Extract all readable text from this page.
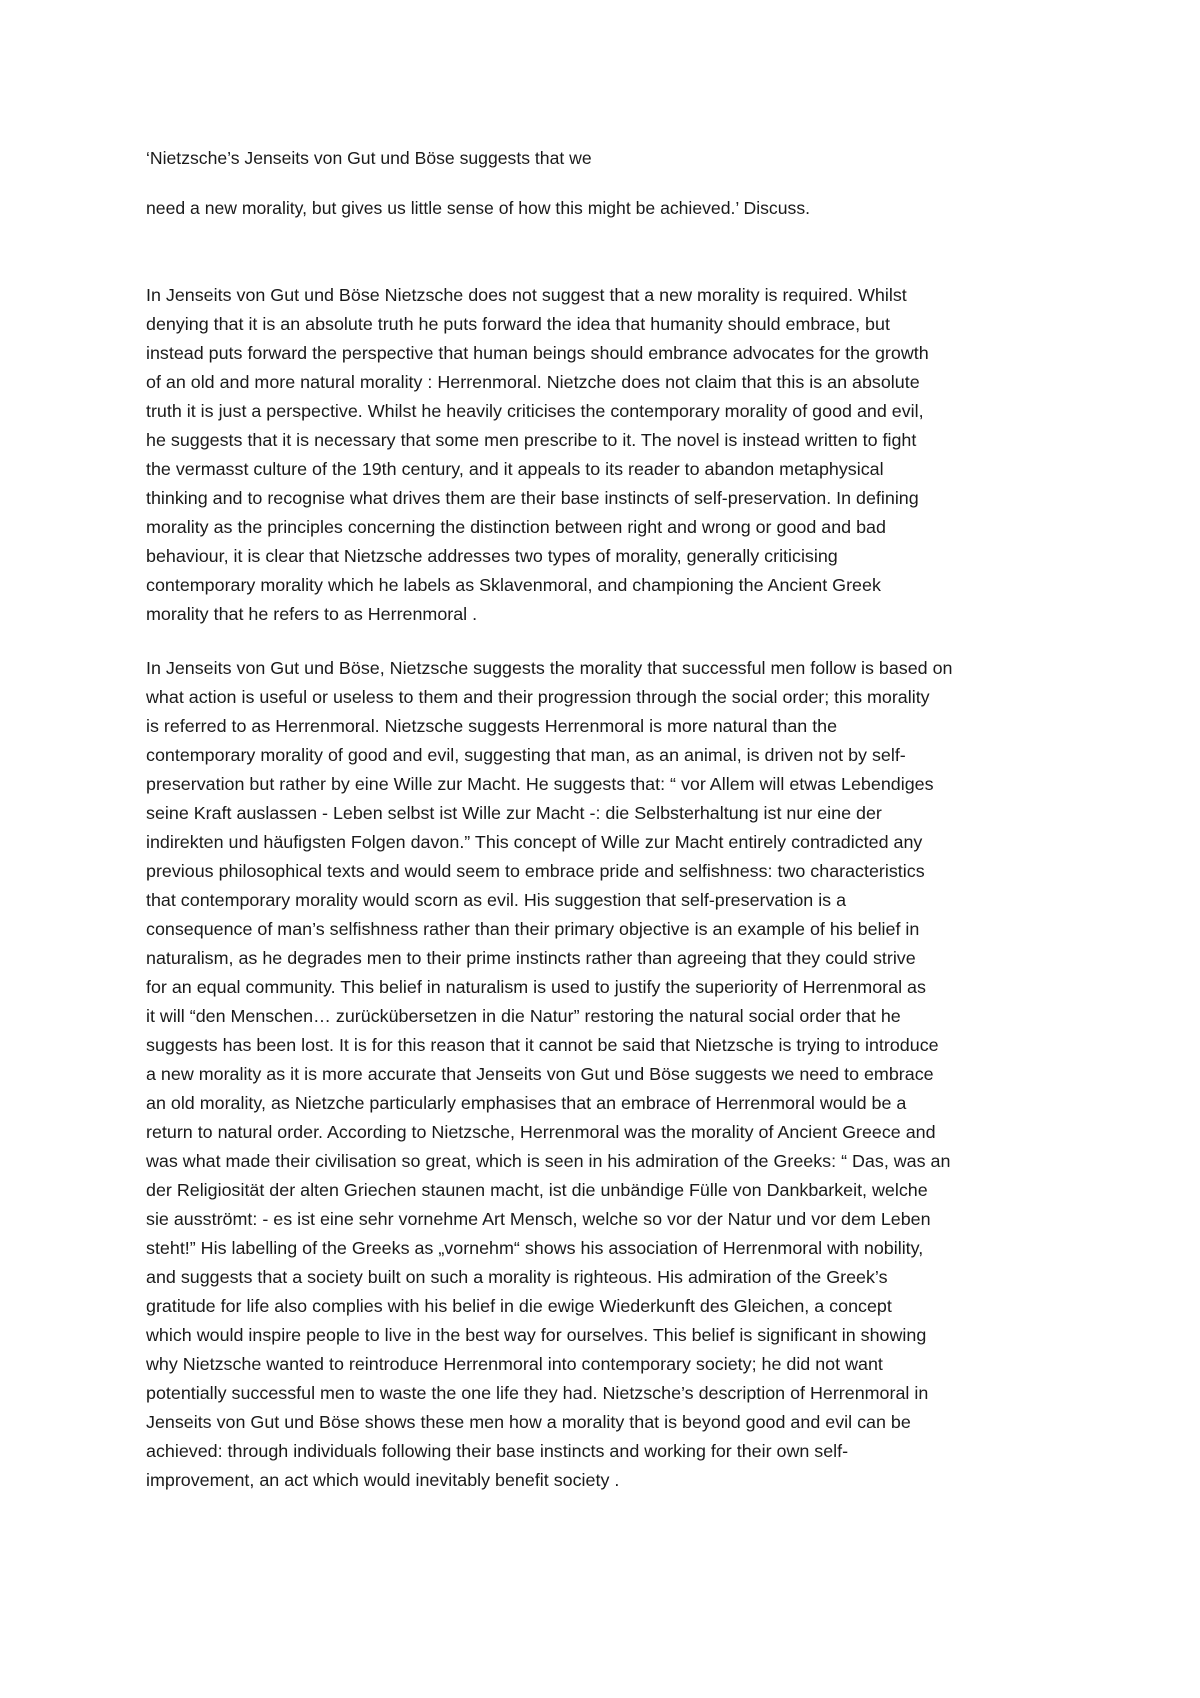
‘Nietzsche’s Jenseits von Gut und Böse suggests that we

need a new morality, but gives us little sense of how this might be achieved.’ Discuss.

In Jenseits von Gut und Böse Nietzsche does not suggest that a new morality is required. Whilst

denying that it is an absolute truth he puts forward the idea that humanity should embrace, but

instead puts forward the perspective that human beings should embrance advocates for the growth

of an old and more natural morality : Herrenmoral. Nietzche does not claim that this is an absolute

truth it is just a perspective. Whilst he heavily criticises the contemporary morality of good and evil,

he suggests that it is necessary that some men prescribe to it. The novel is instead written to fight

the vermasst culture of the 19th century, and it appeals to its reader to abandon metaphysical

thinking and to recognise what drives them are their base instincts of self-preservation. In defining

morality as the principles concerning the distinction between right and wrong or good and bad

behaviour, it is clear that Nietzsche addresses two types of morality, generally criticising

contemporary morality which he labels as Sklavenmoral, and championing the Ancient Greek

morality that he refers to as Herrenmoral .

In Jenseits von Gut und Böse, Nietzsche suggests the morality that successful men follow is based on

what action is useful or useless to them and their progression through the social order; this morality

is referred to as Herrenmoral. Nietzsche suggests Herrenmoral is more natural than the

contemporary morality of good and evil, suggesting that man, as an animal, is driven not by self-

preservation but rather by eine Wille zur Macht. He suggests that: “ vor Allem will etwas Lebendiges

seine Kraft auslassen - Leben selbst ist Wille zur Macht -: die Selbsterhaltung ist nur eine der

indirekten und häufigsten Folgen davon.” This concept of Wille zur Macht entirely contradicted any

previous philosophical texts and would seem to embrace pride and selfishness: two characteristics

that contemporary morality would scorn as evil. His suggestion that self-preservation is a

consequence of man’s selfishness rather than their primary objective is an example of his belief in

naturalism, as he degrades men to their prime instincts rather than agreeing that they could strive

for an equal community. This belief in naturalism is used to justify the superiority of Herrenmoral as

it will “den Menschen… zurückübersetzen in die Natur” restoring the natural social order that he

suggests has been lost. It is for this reason that it cannot be said that Nietzsche is trying to introduce

a new morality as it is more accurate that Jenseits von Gut und Böse suggests we need to embrace

an old morality, as Nietzche particularly emphasises that an embrace of Herrenmoral would be a

return to natural order. According to Nietzsche, Herrenmoral was the morality of Ancient Greece and

was what made their civilisation so great, which is seen in his admiration of the Greeks: “ Das, was an

der Religiosität der alten Griechen staunen macht, ist die unbändige Fülle von Dankbarkeit, welche

sie ausströmt: - es ist eine sehr vornehme Art Mensch, welche so vor der Natur und vor dem Leben

steht!” His labelling of the Greeks as „vornehm“ shows his association of Herrenmoral with nobility,

and suggests that a society built on such a morality is righteous. His admiration of the Greek’s

gratitude for life also complies with his belief in die ewige Wiederkunft des Gleichen, a concept

which would inspire people to live in the best way for ourselves. This belief is significant in showing

why Nietzsche wanted to reintroduce Herrenmoral into contemporary society; he did not want

potentially successful men to waste the one life they had. Nietzsche’s description of Herrenmoral in

Jenseits von Gut und Böse shows these men how a morality that is beyond good and evil can be

achieved: through individuals following their base instincts and working for their own self-

improvement, an act which would inevitably benefit society .
